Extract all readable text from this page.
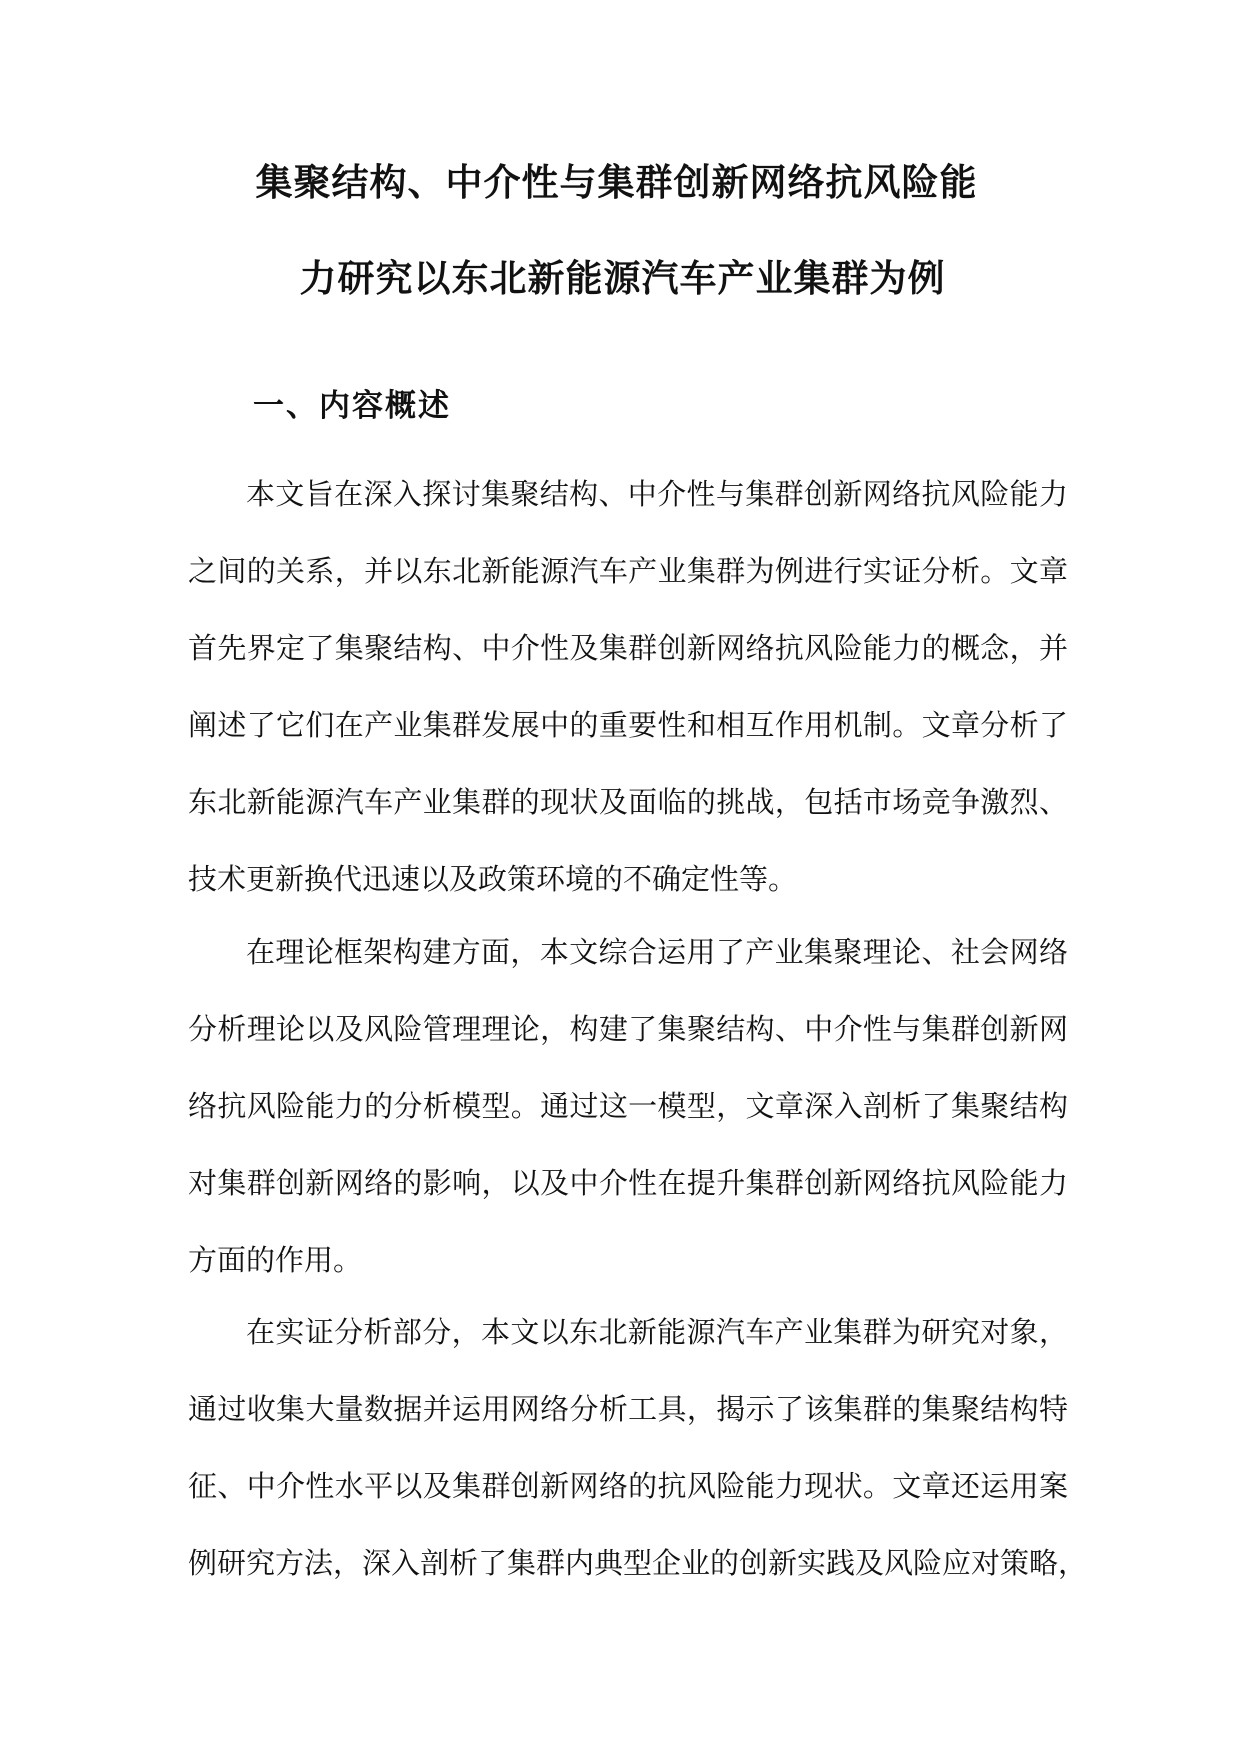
集聚结构、中介性与集群创新网络抗风险能
力研究以东北新能源汽车产业集群为例
一、内容概述
本文旨在深入探讨集聚结构、中介性与集群创新网络抗风险能力
之间的关系，并以东北新能源汽车产业集群为例进行实证分析。文章
首先界定了集聚结构、中介性及集群创新网络抗风险能力的概念，并
阐述了它们在产业集群发展中的重要性和相互作用机制。文章分析了
东北新能源汽车产业集群的现状及面临的挑战，包括市场竞争激烈、
技术更新换代迅速以及政策环境的不确定性等。
在理论框架构建方面，本文综合运用了产业集聚理论、社会网络
分析理论以及风险管理理论，构建了集聚结构、中介性与集群创新网
络抗风险能力的分析模型。通过这一模型，文章深入剖析了集聚结构
对集群创新网络的影响，以及中介性在提升集群创新网络抗风险能力
方面的作用。
在实证分析部分，本文以东北新能源汽车产业集群为研究对象，
通过收集大量数据并运用网络分析工具，揭示了该集群的集聚结构特
征、中介性水平以及集群创新网络的抗风险能力现状。文章还运用案
例研究方法，深入剖析了集群内典型企业的创新实践及风险应对策略，
